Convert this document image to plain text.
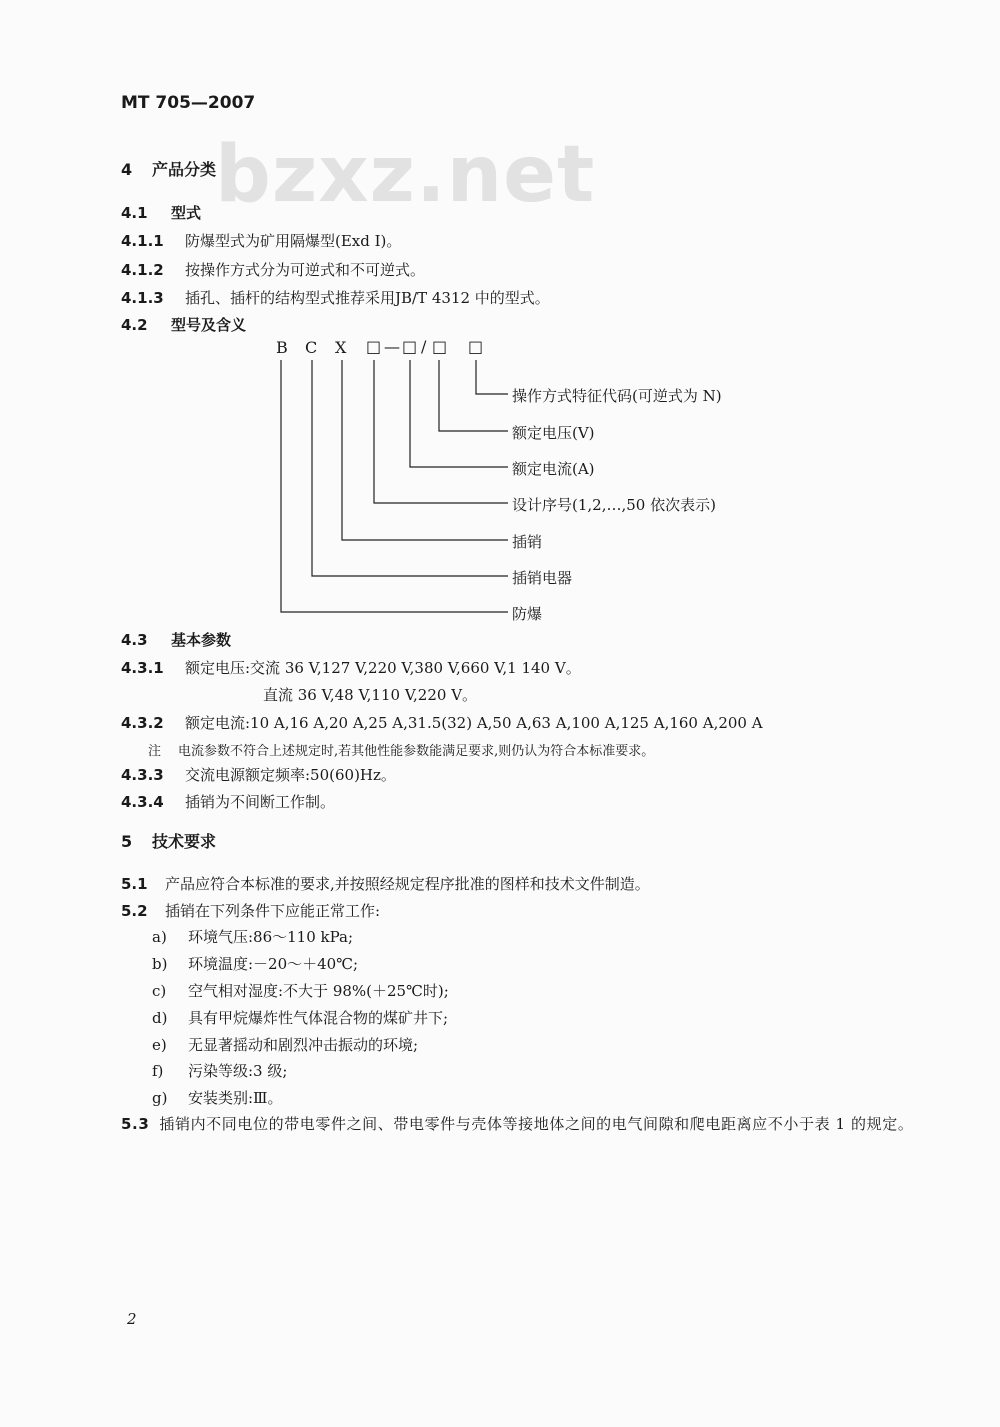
MT 705—2007
bzxz.net
4 产品分类
4.1 型式
4.1.1 防爆型式为矿用隔爆型(Exd I)。
4.1.2 按操作方式分为可逆式和不可逆式。
4.1.3 插孔、插杆的结构型式推荐采用JB/T 4312 中的型式。
4.2 型号及含义
B C X □ — □ / □ □
操作方式特征代码(可逆式为 N)
额定电压(V)
额定电流(A)
设计序号(1,2,…,50 依次表示)
插销
插销电器
防爆
4.3 基本参数
4.3.1 额定电压:交流 36 V,127 V,220 V,380 V,660 V,1 140 V。
直流 36 V,48 V,110 V,220 V。
4.3.2 额定电流:10 A,16 A,20 A,25 A,31.5(32) A,50 A,63 A,100 A,125 A,160 A,200 A
注 电流参数不符合上述规定时,若其他性能参数能满足要求,则仍认为符合本标准要求。
4.3.3 交流电源额定频率:50(60)Hz。
4.3.4 插销为不间断工作制。
5 技术要求
5.1 产品应符合本标准的要求,并按照经规定程序批准的图样和技术文件制造。
5.2 插销在下列条件下应能正常工作:
a) 环境气压:86～110 kPa;
b) 环境温度:－20～＋40℃;
c) 空气相对湿度:不大于 98%(＋25℃时);
d) 具有甲烷爆炸性气体混合物的煤矿井下;
e) 无显著摇动和剧烈冲击振动的环境;
f) 污染等级:3 级;
g) 安装类别:Ⅲ。
5.3 插销内不同电位的带电零件之间、带电零件与壳体等接地体之间的电气间隙和爬电距离应不小于表 1 的规定。
2
